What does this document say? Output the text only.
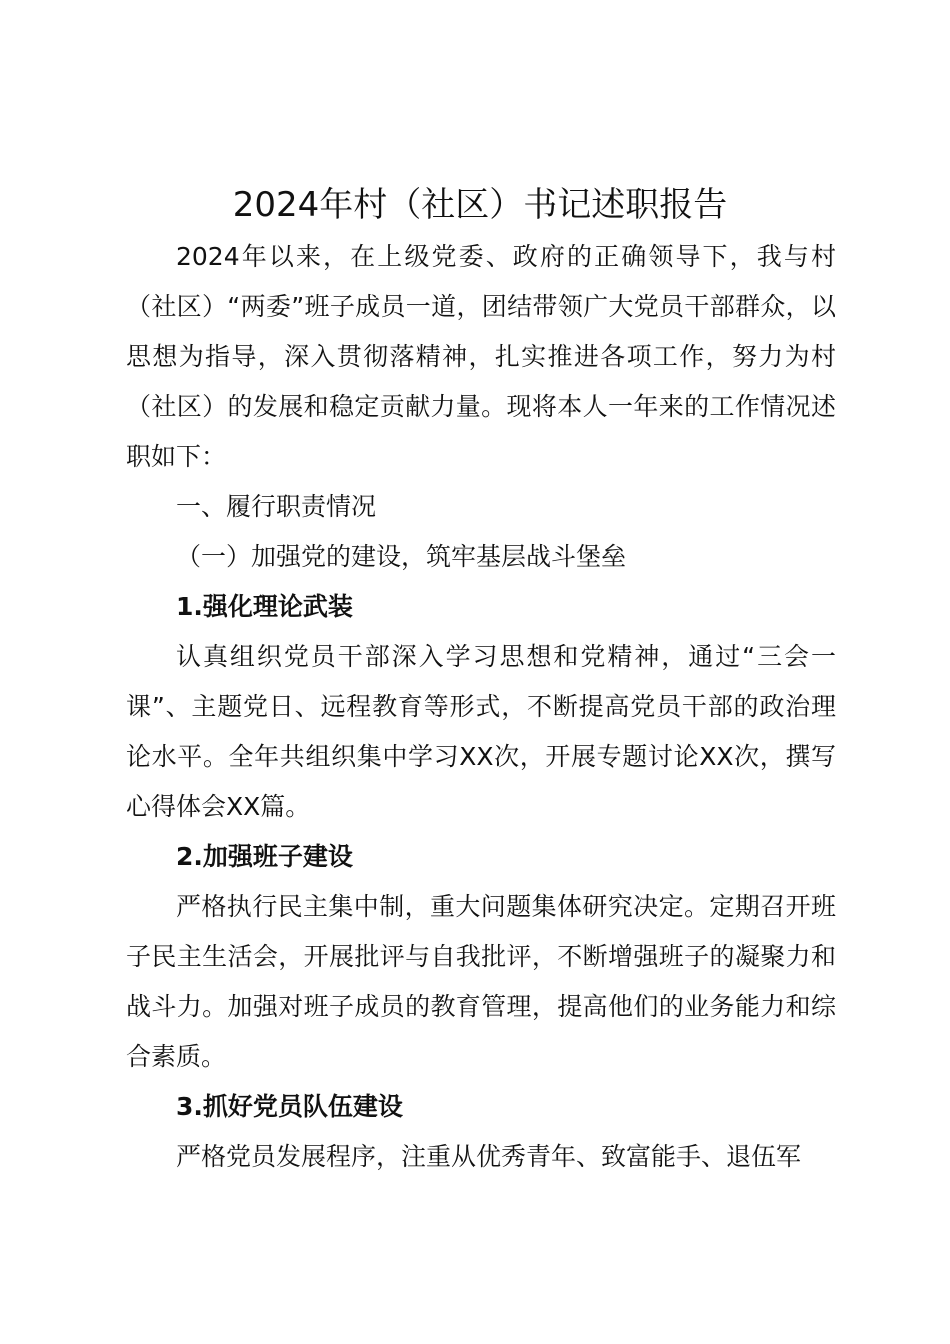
2024年村（社区）书记述职报告

2024年以来，在上级党委、政府的正确领导下，我与村（社区）“两委”班子成员一道，团结带领广大党员干部群众，以思想为指导，深入贯彻落精神，扎实推进各项工作，努力为村（社区）的发展和稳定贡献力量。现将本人一年来的工作情况述职如下：

一、履行职责情况

（一）加强党的建设，筑牢基层战斗堡垒

1.强化理论武装

认真组织党员干部深入学习思想和党精神，通过“三会一课”、主题党日、远程教育等形式，不断提高党员干部的政治理论水平。全年共组织集中学习XX次，开展专题讨论XX次，撰写心得体会XX篇。

2.加强班子建设

严格执行民主集中制，重大问题集体研究决定。定期召开班子民主生活会，开展批评与自我批评，不断增强班子的凝聚力和战斗力。加强对班子成员的教育管理，提高他们的业务能力和综合素质。

3.抓好党员队伍建设

严格党员发展程序，注重从优秀青年、致富能手、退伍军
